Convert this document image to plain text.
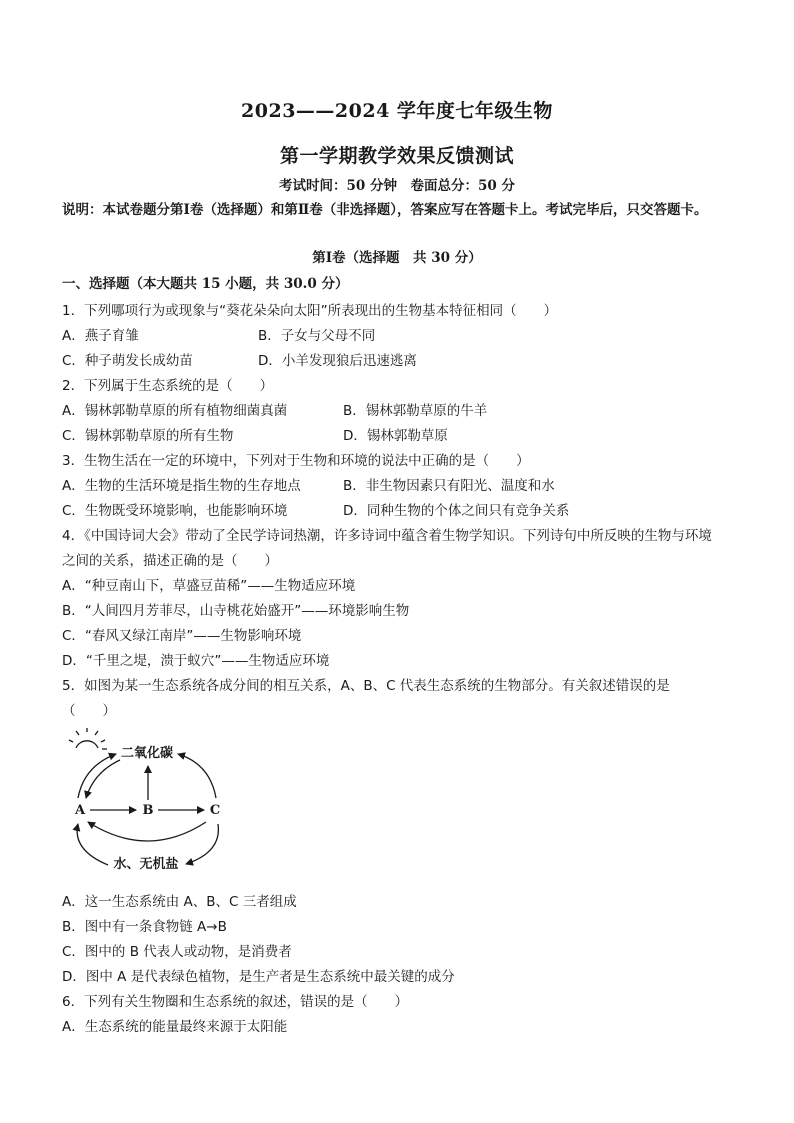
2023——2024 学年度七年级生物
第一学期教学效果反馈测试
考试时间：50 分钟　卷面总分：50 分
说明：本试卷题分第Ⅰ卷（选择题）和第Ⅱ卷（非选择题），答案应写在答题卡上。考试完毕后，只交答题卡。
第Ⅰ卷（选择题　共 30 分）
一、选择题（本大题共 15 小题，共 30.0 分）
1．下列哪项行为或现象与“葵花朵朵向太阳”所表现出的生物基本特征相同（　　）
A．燕子育雏	B．子女与父母不同
C．种子萌发长成幼苗	D．小羊发现狼后迅速逃离
2．下列属于生态系统的是（　　）
A．锡林郭勒草原的所有植物细菌真菌	B．锡林郭勒草原的牛羊
C．锡林郭勒草原的所有生物	D．锡林郭勒草原
3．生物生活在一定的环境中，下列对于生物和环境的说法中正确的是（　　）
A．生物的生活环境是指生物的生存地点	B．非生物因素只有阳光、温度和水
C．生物既受环境影响，也能影响环境	D．同种生物的个体之间只有竞争关系
4．《中国诗词大会》带动了全民学诗词热潮，许多诗词中蕴含着生物学知识。下列诗句中所反映的生物与环境
之间的关系，描述正确的是（　　）
A．“种豆南山下，草盛豆苗稀”——生物适应环境
B．“人间四月芳菲尽，山寺桃花始盛开”——环境影响生物
C．“春风又绿江南岸”——生物影响环境
D．“千里之堤，溃于蚁穴”——生物适应环境
5．如图为某一生态系统各成分间的相互关系，A、B、C 代表生态系统的生物部分。有关叙述错误的是
（　　）
二氧化碳
A	B	C
水、无机盐
A．这一生态系统由 A、B、C 三者组成
B．图中有一条食物链 A→B
C．图中的 B 代表人或动物，是消费者
D．图中 A 是代表绿色植物，是生产者是生态系统中最关键的成分
6．下列有关生物圈和生态系统的叙述，错误的是（　　）
A．生态系统的能量最终来源于太阳能
